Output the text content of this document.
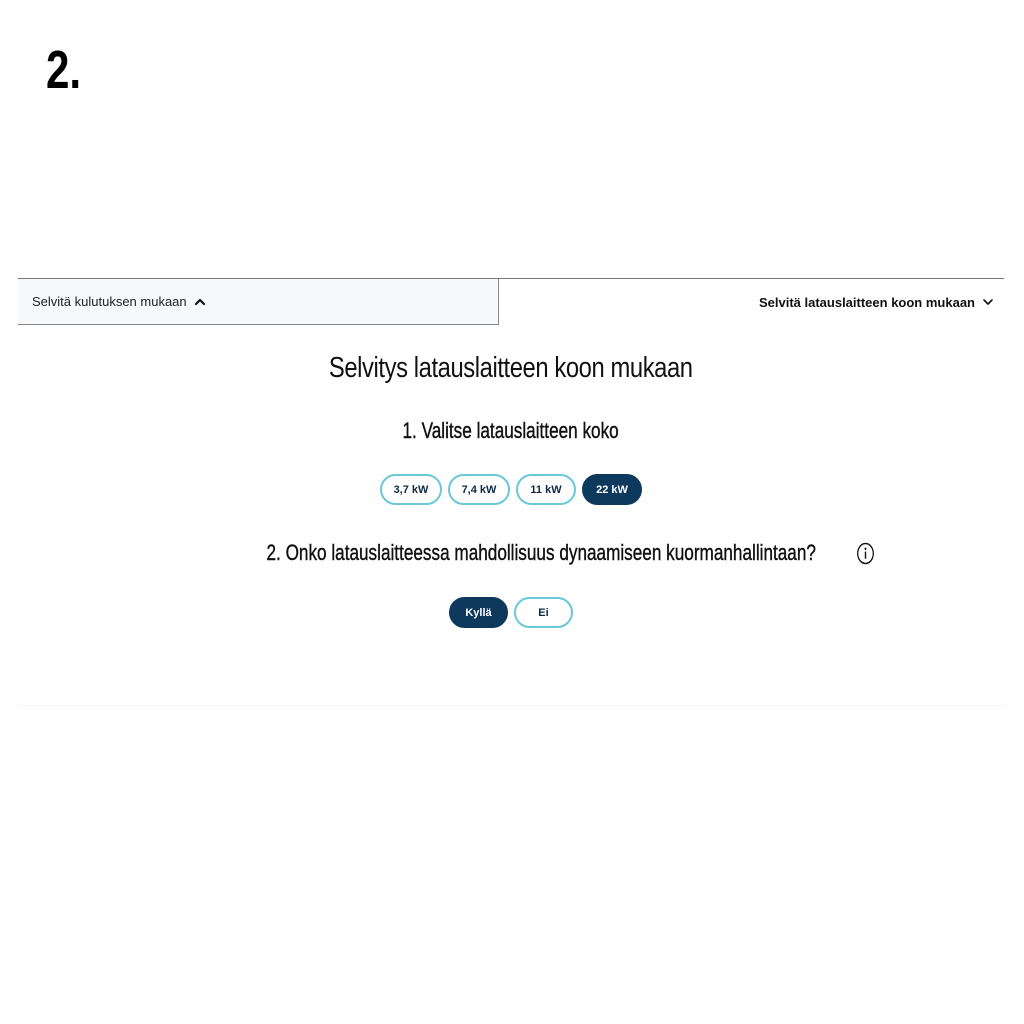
2.
Selvitä kulutuksen mukaan	Selvitä latauslaitteen koon mukaan
Selvitys latauslaitteen koon mukaan
1. Valitse latauslaitteen koko
3,7 kW	7,4 kW	11 kW	22 kW
2. Onko latauslaitteessa mahdollisuus dynaamiseen kuormanhallintaan?
Kyllä	Ei
